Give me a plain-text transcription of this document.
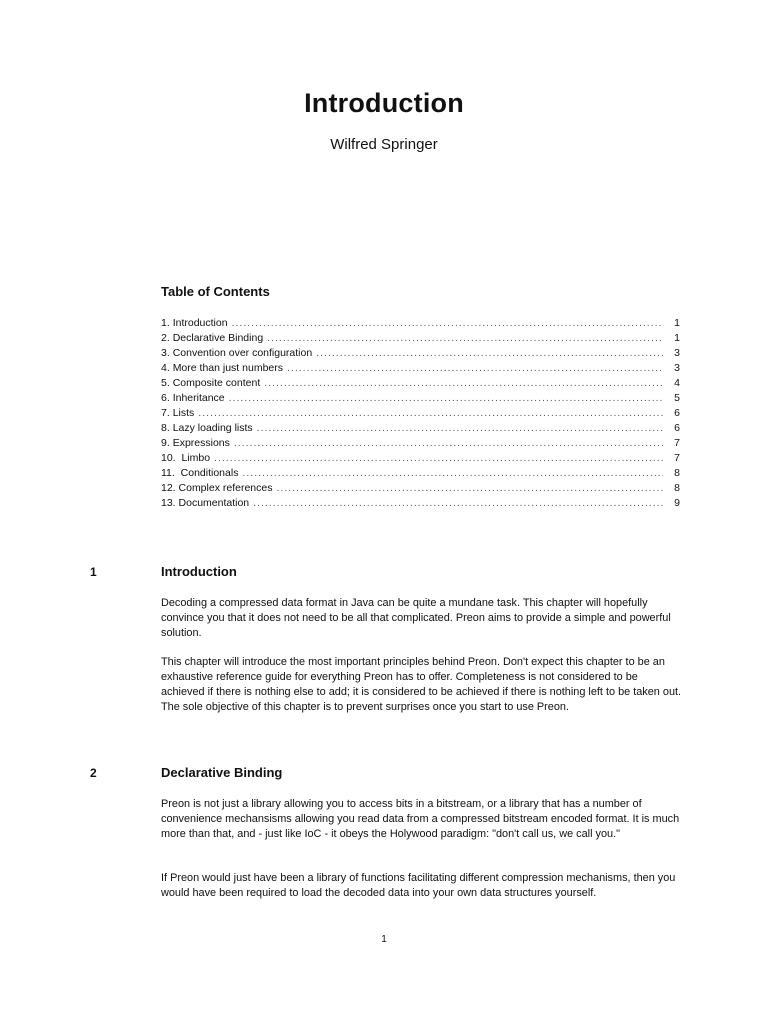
Introduction
Wilfred Springer
Table of Contents
1. Introduction .....	1
2. Declarative Binding .....	1
3. Convention over configuration .....	3
4. More than just numbers .....	3
5. Composite content .....	4
6. Inheritance .....	5
7. Lists .....	6
8. Lazy loading lists .....	6
9. Expressions .....	7
10. Limbo .....	7
11. Conditionals .....	8
12. Complex references .....	8
13. Documentation .....	9
1	Introduction

Decoding a compressed data format in Java can be quite a mundane task. This chapter will hopefully convince you that it does not need to be all that complicated. Preon aims to provide a simple and powerful solution.

This chapter will introduce the most important principles behind Preon. Don't expect this chapter to be an exhaustive reference guide for everything Preon has to offer. Completeness is not considered to be achieved if there is nothing else to add; it is considered to be achieved if there is nothing left to be taken out. The sole objective of this chapter is to prevent surprises once you start to use Preon.

2	Declarative Binding

Preon is not just a library allowing you to access bits in a bitstream, or a library that has a number of convenience mechansisms allowing you read data from a compressed bitstream encoded format. It is much more than that, and - just like IoC - it obeys the Holywood paradigm: "don't call us, we call you."

If Preon would just have been a library of functions facilitating different compression mechanisms, then you would have been required to load the decoded data into your own data structures yourself.

1
